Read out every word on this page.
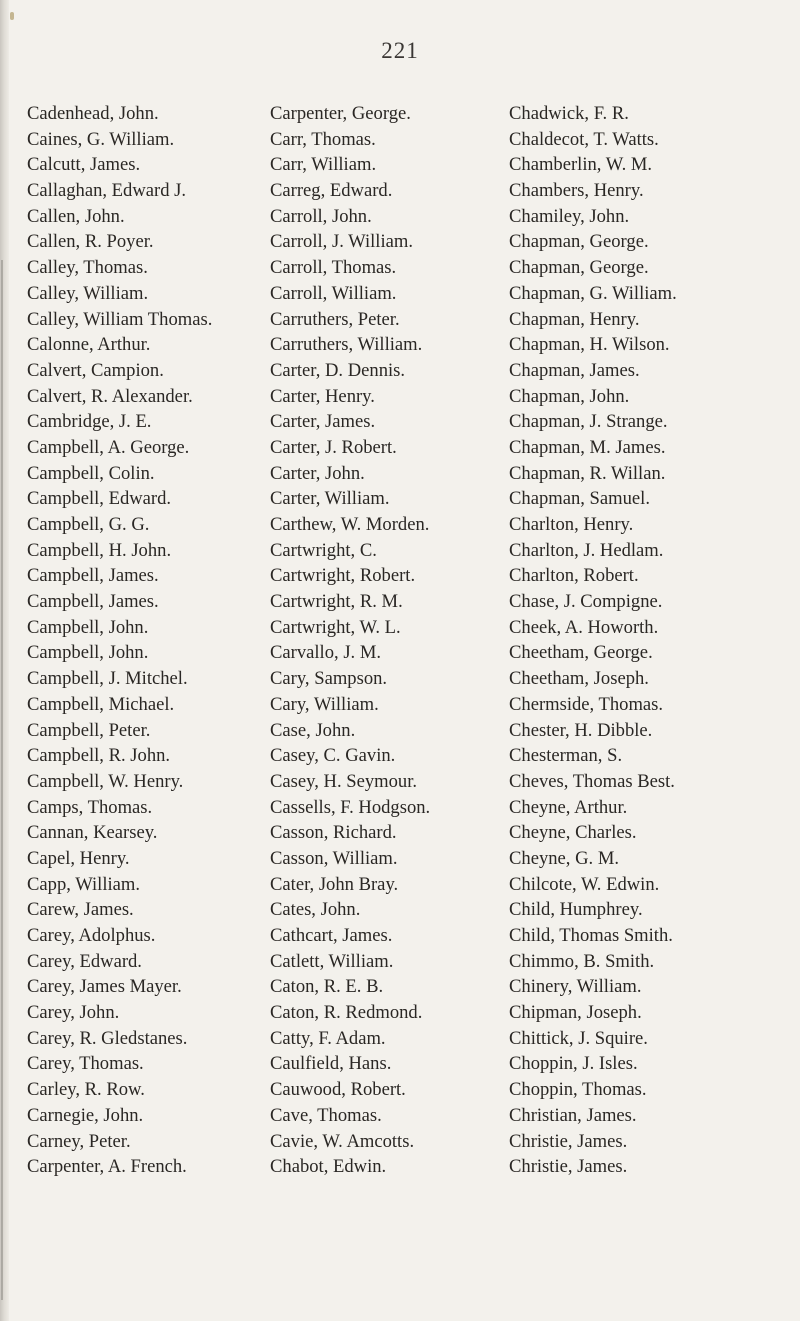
221
Cadenhead, John.
Caines, G. William.
Calcutt, James.
Callaghan, Edward J.
Callen, John.
Callen, R. Poyer.
Calley, Thomas.
Calley, William.
Calley, William Thomas.
Calonne, Arthur.
Calvert, Campion.
Calvert, R. Alexander.
Cambridge, J. E.
Campbell, A. George.
Campbell, Colin.
Campbell, Edward.
Campbell, G. G.
Campbell, H. John.
Campbell, James.
Campbell, James.
Campbell, John.
Campbell, John.
Campbell, J. Mitchel.
Campbell, Michael.
Campbell, Peter.
Campbell, R. John.
Campbell, W. Henry.
Camps, Thomas.
Cannan, Kearsey.
Capel, Henry.
Capp, William.
Carew, James.
Carey, Adolphus.
Carey, Edward.
Carey, James Mayer.
Carey, John.
Carey, R. Gledstanes.
Carey, Thomas.
Carley, R. Row.
Carnegie, John.
Carney, Peter.
Carpenter, A. French.
Carpenter, George.
Carr, Thomas.
Carr, William.
Carreg, Edward.
Carroll, John.
Carroll, J. William.
Carroll, Thomas.
Carroll, William.
Carruthers, Peter.
Carruthers, William.
Carter, D. Dennis.
Carter, Henry.
Carter, James.
Carter, J. Robert.
Carter, John.
Carter, William.
Carthew, W. Morden.
Cartwright, C.
Cartwright, Robert.
Cartwright, R. M.
Cartwright, W. L.
Carvallo, J. M.
Cary, Sampson.
Cary, William.
Case, John.
Casey, C. Gavin.
Casey, H. Seymour.
Cassells, F. Hodgson.
Casson, Richard.
Casson, William.
Cater, John Bray.
Cates, John.
Cathcart, James.
Catlett, William.
Caton, R. E. B.
Caton, R. Redmond.
Catty, F. Adam.
Caulfield, Hans.
Cauwood, Robert.
Cave, Thomas.
Cavie, W. Amcotts.
Chabot, Edwin.
Chadwick, F. R.
Chaldecot, T. Watts.
Chamberlin, W. M.
Chambers, Henry.
Chamiley, John.
Chapman, George.
Chapman, George.
Chapman, G. William.
Chapman, Henry.
Chapman, H. Wilson.
Chapman, James.
Chapman, John.
Chapman, J. Strange.
Chapman, M. James.
Chapman, R. Willan.
Chapman, Samuel.
Charlton, Henry.
Charlton, J. Hedlam.
Charlton, Robert.
Chase, J. Compigne.
Cheek, A. Howorth.
Cheetham, George.
Cheetham, Joseph.
Chermside, Thomas.
Chester, H. Dibble.
Chesterman, S.
Cheves, Thomas Best.
Cheyne, Arthur.
Cheyne, Charles.
Cheyne, G. M.
Chilcote, W. Edwin.
Child, Humphrey.
Child, Thomas Smith.
Chimmo, B. Smith.
Chinery, William.
Chipman, Joseph.
Chittick, J. Squire.
Choppin, J. Isles.
Choppin, Thomas.
Christian, James.
Christie, James.
Christie, James.
